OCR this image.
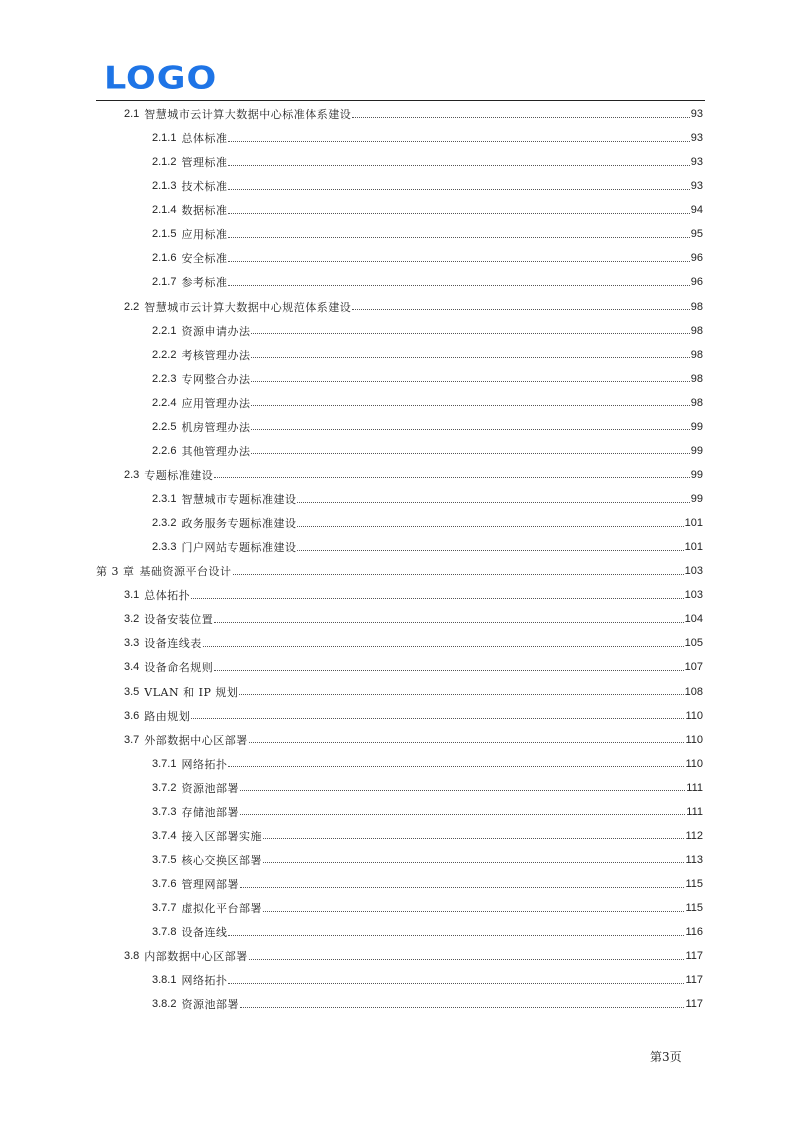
LOGO
2.1 智慧城市云计算大数据中心标准体系建设	93
2.1.1 总体标准	93
2.1.2 管理标准	93
2.1.3 技术标准	93
2.1.4 数据标准	94
2.1.5 应用标准	95
2.1.6 安全标准	96
2.1.7 参考标准	96
2.2 智慧城市云计算大数据中心规范体系建设	98
2.2.1 资源申请办法	98
2.2.2 考核管理办法	98
2.2.3 专网整合办法	98
2.2.4 应用管理办法	98
2.2.5 机房管理办法	99
2.2.6 其他管理办法	99
2.3 专题标准建设	99
2.3.1 智慧城市专题标准建设	99
2.3.2 政务服务专题标准建设	101
2.3.3 门户网站专题标准建设	101
第 3 章 基础资源平台设计	103
3.1 总体拓扑	103
3.2 设备安装位置	104
3.3 设备连线表	105
3.4 设备命名规则	107
3.5 VLAN 和 IP 规划	108
3.6 路由规划	110
3.7 外部数据中心区部署	110
3.7.1 网络拓扑	110
3.7.2 资源池部署	111
3.7.3 存储池部署	111
3.7.4 接入区部署实施	112
3.7.5 核心交换区部署	113
3.7.6 管理网部署	115
3.7.7 虚拟化平台部署	115
3.7.8 设备连线	116
3.8 内部数据中心区部署	117
3.8.1 网络拓扑	117
3.8.2 资源池部署	117
第3页
